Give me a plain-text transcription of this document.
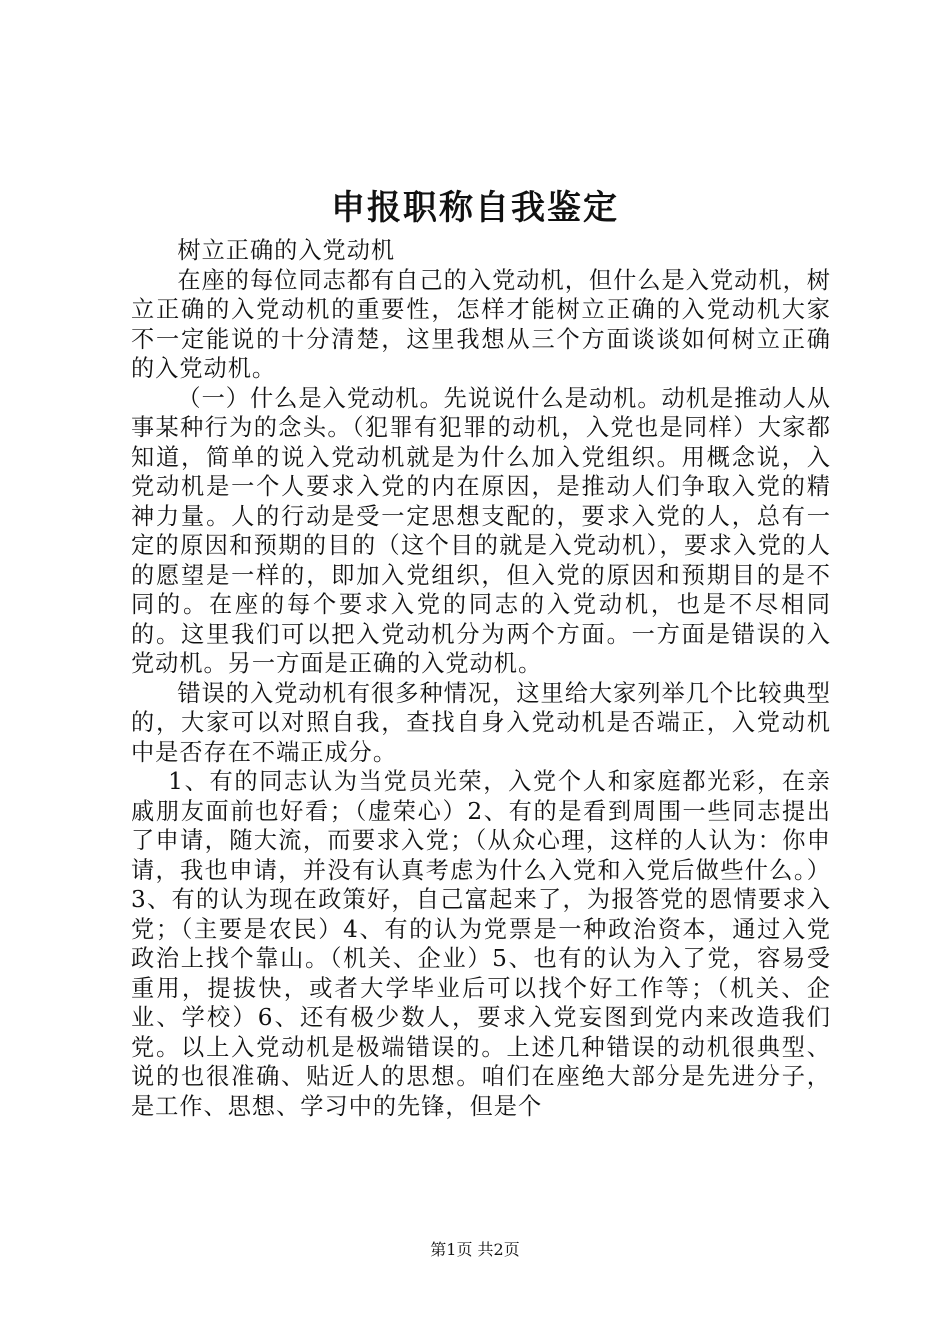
申报职称自我鉴定

树立正确的入党动机

在座的每位同志都有自己的入党动机，但什么是入党动机，树立正确的入党动机的重要性，怎样才能树立正确的入党动机大家不一定能说的十分清楚，这里我想从三个方面谈谈如何树立正确的入党动机。

（一）什么是入党动机。先说说什么是动机。动机是推动人从事某种行为的念头。（犯罪有犯罪的动机，入党也是同样）大家都知道，简单的说入党动机就是为什么加入党组织。用概念说，入党动机是一个人要求入党的内在原因，是推动人们争取入党的精神力量。人的行动是受一定思想支配的，要求入党的人，总有一定的原因和预期的目的（这个目的就是入党动机），要求入党的人的愿望是一样的，即加入党组织，但入党的原因和预期目的是不同的。在座的每个要求入党的同志的入党动机，也是不尽相同的。这里我们可以把入党动机分为两个方面。一方面是错误的入党动机。另一方面是正确的入党动机。

错误的入党动机有很多种情况，这里给大家列举几个比较典型的，大家可以对照自我，查找自身入党动机是否端正，入党动机中是否存在不端正成分。

1、有的同志认为当党员光荣，入党个人和家庭都光彩，在亲戚朋友面前也好看；（虚荣心）2、有的是看到周围一些同志提出了申请，随大流，而要求入党；（从众心理，这样的人认为：你申请，我也申请，并没有认真考虑为什么入党和入党后做些什么。）3、有的认为现在政策好，自己富起来了，为报答党的恩情要求入党；（主要是农民）4、有的认为党票是一种政治资本，通过入党政治上找个靠山。（机关、企业）5、也有的认为入了党，容易受重用，提拔快，或者大学毕业后可以找个好工作等；（机关、企业、学校）6、还有极少数人，要求入党妄图到党内来改造我们党。以上入党动机是极端错误的。上述几种错误的动机很典型、说的也很准确、贴近人的思想。咱们在座绝大部分是先进分子，是工作、思想、学习中的先锋，但是个

第1页 共2页
